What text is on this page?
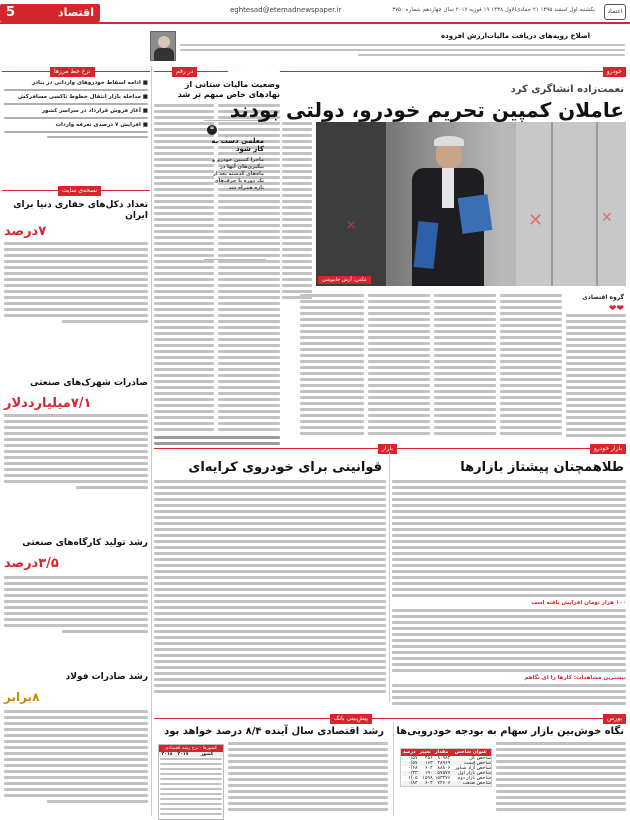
5	اقتصاد	eghtesad@etemadnewspaper.ir	یکشنبه اول اسفند ۱۳۹۵ ۲۱ جمادی‌الاول ۱۴۳۸ ۱۹ فوریه ۲۰۱۷ سال چهاردهم شماره ۳۷۵۰	اعتماد
اصلاح رویه‌های دریافت مالیات‌ارزش افزوده
نرخ‌ خط‌ مرزها
■ ادامه اسقاط خودروهای وارداتی در بنادر
■ مداخله بازار انتقال خطوط تاکسی مسافرکش
■ آغاز فروش قرارداد در سراسر کشور
■ افزایش ۷ درصدی تعرفه واردات
نسخه‌ی سایت
تعداد دکل‌های حفاری دنیا برای ایران
۷درصد
صادرات شهرک‌های صنعتی
۷/۱میلیارددلار
رشد تولید کارگاه‌های صنعتی
۳/۵درصد
رشد صادرات فولاد
۸برابر
در رقم
وضعیت مالیات ستانی از نهادهای خاص مبهم تر شد
❝
معلمی دست به کار شود
ماجرا کمپین خودرو و پیگیری‌های آنها در ماه‌های گذشته بعد از یک دوره با حرف‌های تازه همراه شد
خودرو
نعمت‌زاده انشاگری کرد
عاملان کمپین تحریم خودرو، دولتی بودند
✕	✕
✕
عکس: آرش خاموشی
گروه اقتصادی
❤❤
بازار خودرو
بازار
طلاهمچنان پیشتاز بازارها
قوانینی برای خودروی کرایه‌ای
۱۰۰ هزار تومان افزایش یافته است
بیشترین مشاهدات: کارها را ای نگاهم
بورس
پیش‌بینی بانک
نگاه خوش‌بین بازار سهام به بودجه خودرویی‌ها
رشد اقتصادی سال آینده ۸/۴ درصد خواهد بود
عنوان شاخص	مقدار	تغییر	درصد
شاخص کل	۸۰۹۸۳	۴۵۶	۰/۵۷
شاخص قیمت	۲۸۹۶۹	۱۶۳	۰/۵۷
شاخص آزاد شناور	۸۸۸۰۶	۶۰۴	۰/۶۸
شاخص بازار اول	۵۷۵۷۷	۱۹۰	۰/۳۳
شاخص بازار دوم	۱۵۳۲۷۶	۱۵۹۸	۱/۰۵
شاخص صنعت	۷۳۶۰۶	۶۰۴	۰/۸۳
کشورها - نرخ رشد اقتصادی
کشور
۲۰۱۷
۲۰۱۸
